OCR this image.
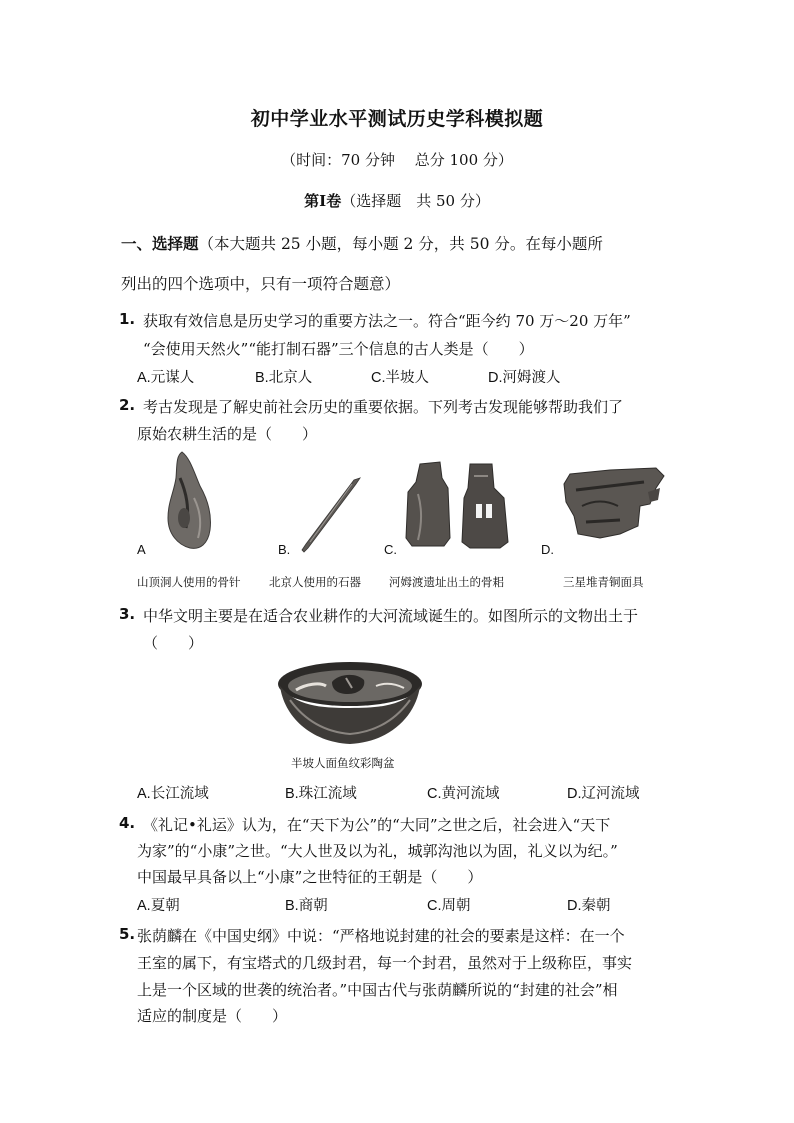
初中学业水平测试历史学科模拟题
（时间：70 分钟　 总分 100 分）
第Ⅰ卷（选择题　共 50 分）
一、选择题（本大题共 25 小题，每小题 2 分，共 50 分。在每小题所
列出的四个选项中，只有一项符合题意）
1. 获取有效信息是历史学习的重要方法之一。符合“距今约 70 万～20 万年”
“会使用天然火”“能打制石器”三个信息的古人类是（　　）
A.元谋人	B.北京人	C.半坡人	D.河姆渡人
2. 考古发现是了解史前社会历史的重要依据。下列考古发现能够帮助我们了
原始农耕生活的是（　　）
A	B.	C.	D.
山顶洞人使用的骨针 北京人使用的石器 河姆渡遗址出土的骨耜	三星堆青铜面具
3. 中华文明主要是在适合农业耕作的大河流域诞生的。如图所示的文物出土于
（　　）
半坡人面鱼纹彩陶盆
A.长江流域	B.珠江流域	C.黄河流域	D.辽河流域
4. 《礼记•礼运》认为，在“天下为公”的“大同”之世之后，社会进入“天下
为家”的“小康”之世。“大人世及以为礼，城郭沟池以为固，礼义以为纪。”
中国最早具备以上“小康”之世特征的王朝是（　　）
A.夏朝	B.商朝	C.周朝	D.秦朝
5. 张荫麟在《中国史纲》中说：“严格地说封建的社会的要素是这样：在一个
王室的属下，有宝塔式的几级封君，每一个封君，虽然对于上级称臣，事实
上是一个区域的世袭的统治者。”中国古代与张荫麟所说的“封建的社会”相
适应的制度是（　　）
